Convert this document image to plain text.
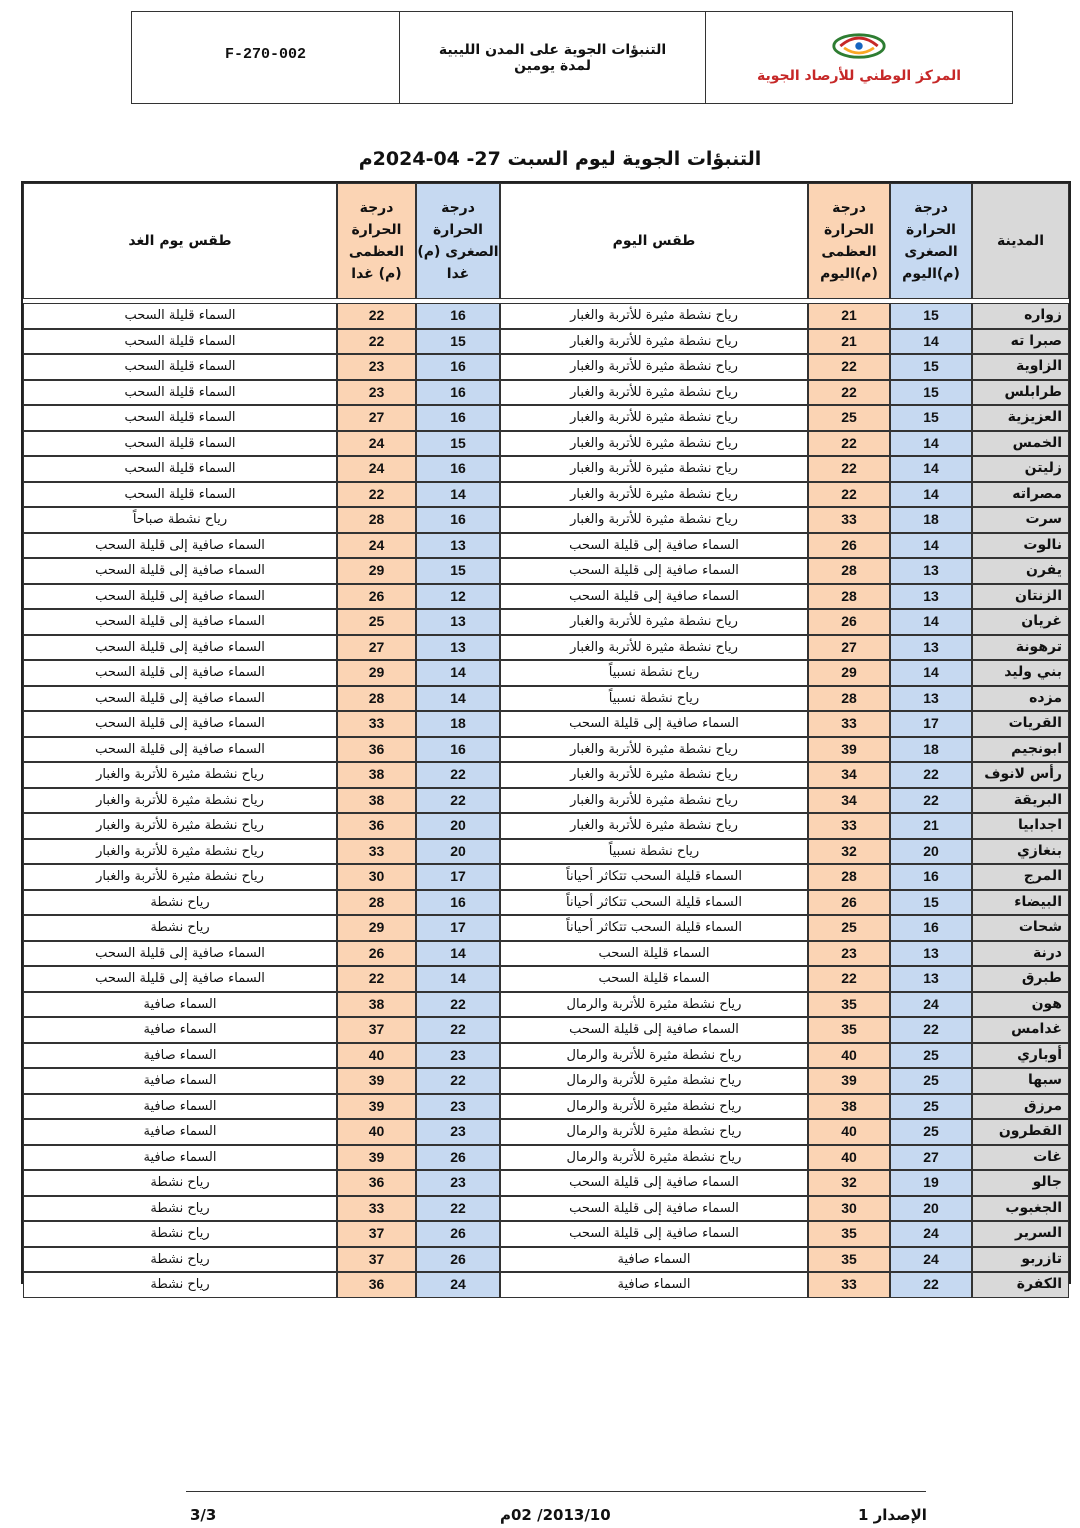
F-270-002	التنبؤات الجوية على المدن الليبية
لمدة يومين
المركز الوطني للأرصاد الجوية
التنبؤات الجوية ليوم السبت 27- 04-2024م
المدينة	درجة الحرارة الصغرى (م)اليوم	درجة الحرارة العظمى (م)اليوم	طقس اليوم	درجة الحرارة الصغرى (م) غدا	درجة الحرارة العظمى (م) غدا	طقس يوم الغد

زواره	15	21	رياح نشطة مثيرة للأتربة والغبار	16	22	السماء قليلة السحب
صبرا ته	14	21	رياح نشطة مثيرة للأتربة والغبار	15	22	السماء قليلة السحب
الزاوية	15	22	رياح نشطة مثيرة للأتربة والغبار	16	23	السماء قليلة السحب
طرابلس	15	22	رياح نشطة مثيرة للأتربة والغبار	16	23	السماء قليلة السحب
العزيزية	15	25	رياح نشطة مثيرة للأتربة والغبار	16	27	السماء قليلة السحب
الخمس	14	22	رياح نشطة مثيرة للأتربة والغبار	15	24	السماء قليلة السحب
زليتن	14	22	رياح نشطة مثيرة للأتربة والغبار	16	24	السماء قليلة السحب
مصراته	14	22	رياح نشطة مثيرة للأتربة والغبار	14	22	السماء قليلة السحب
سرت	18	33	رياح نشطة مثيرة للأتربة والغبار	16	28	رياح نشطة صباحاً
نالوت	14	26	السماء صافية إلى قليلة السحب	13	24	السماء صافية إلى قليلة السحب
يفرن	13	28	السماء صافية إلى قليلة السحب	15	29	السماء صافية إلى قليلة السحب
الزنتان	13	28	السماء صافية إلى قليلة السحب	12	26	السماء صافية إلى قليلة السحب
غريان	14	26	رياح نشطة مثيرة للأتربة والغبار	13	25	السماء صافية إلى قليلة السحب
ترهونة	13	27	رياح نشطة مثيرة للأتربة والغبار	13	27	السماء صافية إلى قليلة السحب
بني وليد	14	29	رياح نشطة نسبياً	14	29	السماء صافية إلى قليلة السحب
مزده	13	28	رياح نشطة نسبياً	14	28	السماء صافية إلى قليلة السحب
القريات	17	33	السماء صافية إلى قليلة السحب	18	33	السماء صافية إلى قليلة السحب
ابونجيم	18	39	رياح نشطة مثيرة للأتربة والغبار	16	36	السماء صافية إلى قليلة السحب
رأس لانوف	22	34	رياح نشطة مثيرة للأتربة والغبار	22	38	رياح نشطة مثيرة للأتربة والغبار
البريقة	22	34	رياح نشطة مثيرة للأتربة والغبار	22	38	رياح نشطة مثيرة للأتربة والغبار
اجدابيا	21	33	رياح نشطة مثيرة للأتربة والغبار	20	36	رياح نشطة مثيرة للأتربة والغبار
بنغازي	20	32	رياح نشطة نسبياً	20	33	رياح نشطة مثيرة للأتربة والغبار
المرج	16	28	السماء قليلة السحب تتكاثر أحياناً	17	30	رياح نشطة مثيرة للأتربة والغبار
البيضاء	15	26	السماء قليلة السحب تتكاثر أحياناً	16	28	رياح نشطة
شحات	16	25	السماء قليلة السحب تتكاثر أحياناً	17	29	رياح نشطة
درنة	13	23	السماء قليلة السحب	14	26	السماء صافية إلى قليلة السحب
طبرق	13	22	السماء قليلة السحب	14	22	السماء صافية إلى قليلة السحب
هون	24	35	رياح نشطة مثيرة للأتربة والرمال	22	38	السماء صافية
غدامس	22	35	السماء صافية إلى قليلة السحب	22	37	السماء صافية
أوباري	25	40	رياح نشطة مثيرة للأتربة والرمال	23	40	السماء صافية
سبها	25	39	رياح نشطة مثيرة للأتربة والرمال	22	39	السماء صافية
مرزق	25	38	رياح نشطة مثيرة للأتربة والرمال	23	39	السماء صافية
القطرون	25	40	رياح نشطة مثيرة للأتربة والرمال	23	40	السماء صافية
غات	27	40	رياح نشطة مثيرة للأتربة والرمال	26	39	السماء صافية
جالو	19	32	السماء صافية إلى قليلة السحب	23	36	رياح نشطة
الجغبوب	20	30	السماء صافية إلى قليلة السحب	22	33	رياح نشطة
السرير	24	35	السماء صافية إلى قليلة السحب	26	37	رياح نشطة
تازربو	24	35	السماء صافية	26	37	رياح نشطة
الكفرة	22	33	السماء صافية	24	36	رياح نشطة
3/3	2013/10/ 02م	الإصدار 1
